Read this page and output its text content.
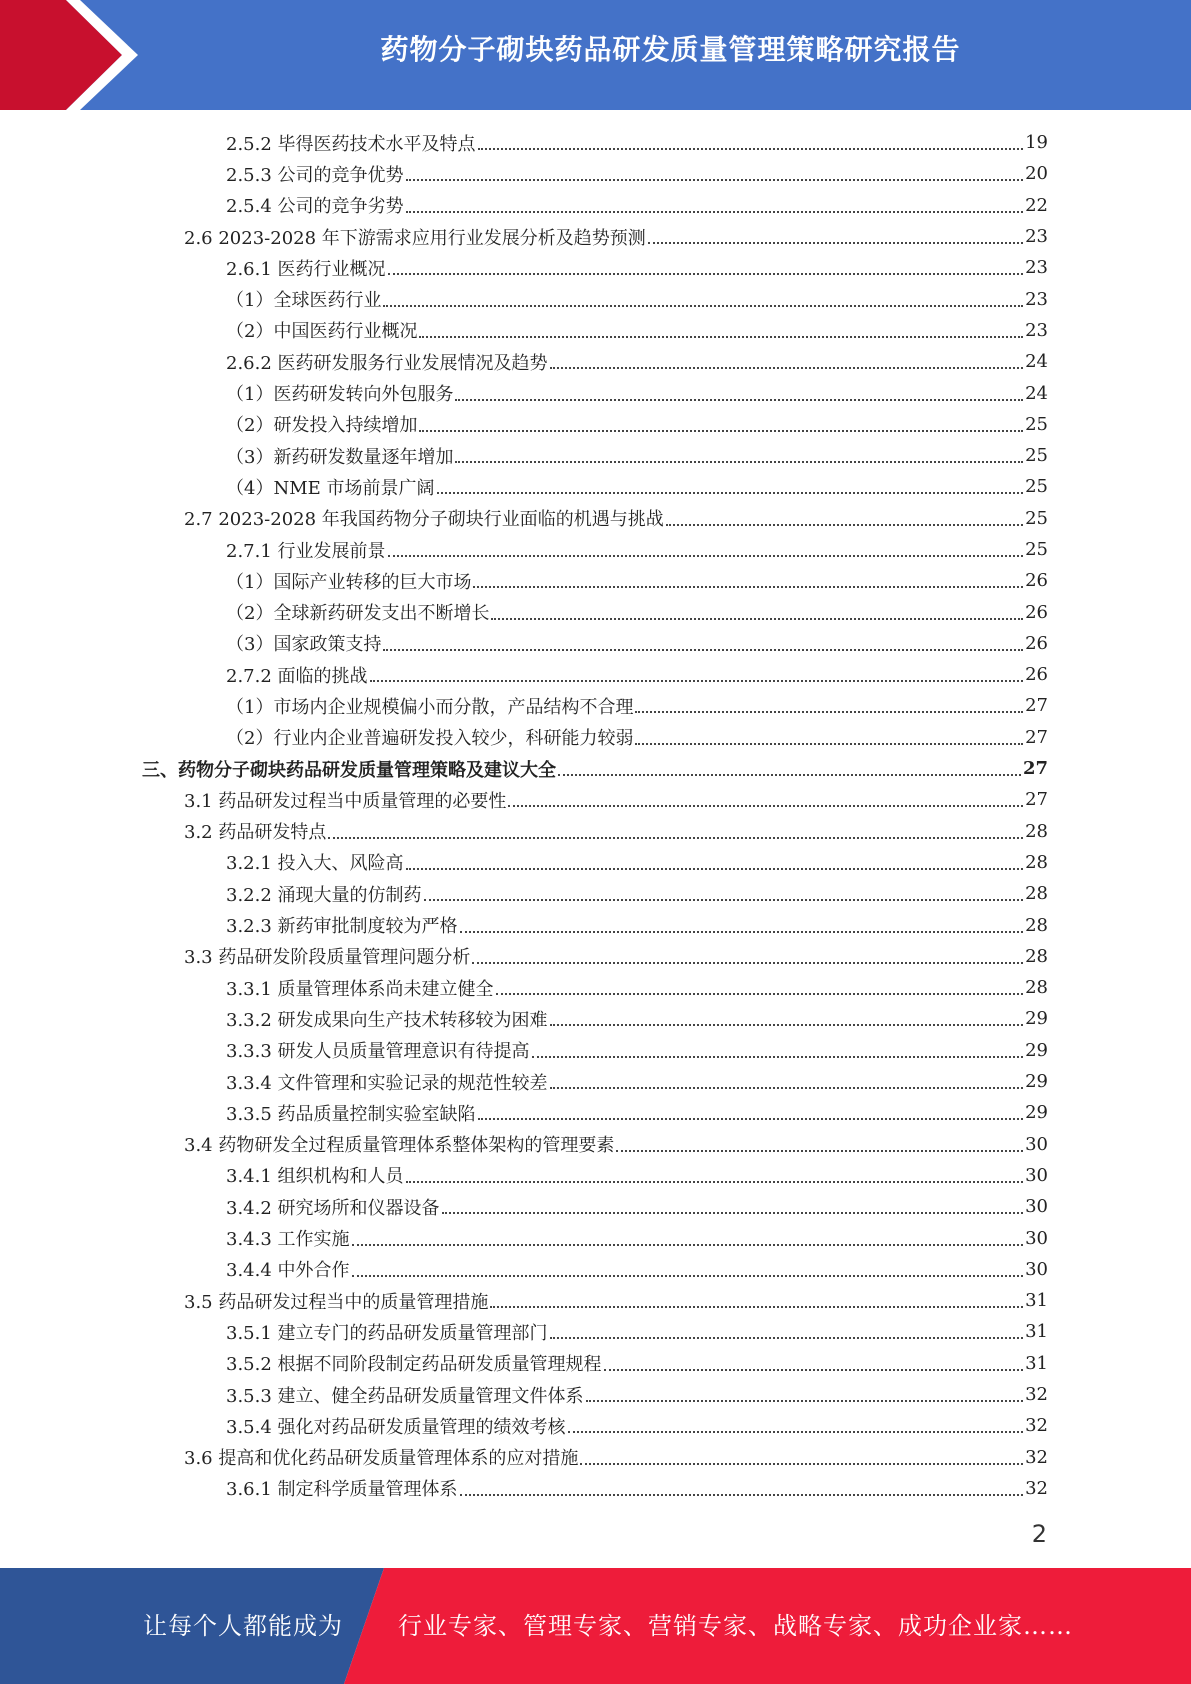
药物分子砌块药品研发质量管理策略研究报告
2.5.2 毕得医药技术水平及特点	19
2.5.3 公司的竞争优势	20
2.5.4 公司的竞争劣势	22
2.6 2023-2028 年下游需求应用行业发展分析及趋势预测	23
2.6.1 医药行业概况	23
（1）全球医药行业	23
（2）中国医药行业概况	23
2.6.2 医药研发服务行业发展情况及趋势	24
（1）医药研发转向外包服务	24
（2）研发投入持续增加	25
（3）新药研发数量逐年增加	25
（4）NME 市场前景广阔	25
2.7 2023-2028 年我国药物分子砌块行业面临的机遇与挑战	25
2.7.1 行业发展前景	25
（1）国际产业转移的巨大市场	26
（2）全球新药研发支出不断增长	26
（3）国家政策支持	26
2.7.2 面临的挑战	26
（1）市场内企业规模偏小而分散，产品结构不合理	27
（2）行业内企业普遍研发投入较少，科研能力较弱	27
三、药物分子砌块药品研发质量管理策略及建议大全	27
3.1 药品研发过程当中质量管理的必要性	27
3.2 药品研发特点	28
3.2.1 投入大、风险高	28
3.2.2 涌现大量的仿制药	28
3.2.3 新药审批制度较为严格	28
3.3 药品研发阶段质量管理问题分析	28
3.3.1 质量管理体系尚未建立健全	28
3.3.2 研发成果向生产技术转移较为困难	29
3.3.3 研发人员质量管理意识有待提高	29
3.3.4 文件管理和实验记录的规范性较差	29
3.3.5 药品质量控制实验室缺陷	29
3.4 药物研发全过程质量管理体系整体架构的管理要素	30
3.4.1 组织机构和人员	30
3.4.2 研究场所和仪器设备	30
3.4.3 工作实施	30
3.4.4 中外合作	30
3.5 药品研发过程当中的质量管理措施	31
3.5.1 建立专门的药品研发质量管理部门	31
3.5.2 根据不同阶段制定药品研发质量管理规程	31
3.5.3 建立、健全药品研发质量管理文件体系	32
3.5.4 强化对药品研发质量管理的绩效考核	32
3.6 提高和优化药品研发质量管理体系的应对措施	32
3.6.1 制定科学质量管理体系	32
2
让每个人都能成为 行业专家、管理专家、营销专家、战略专家、成功企业家……
